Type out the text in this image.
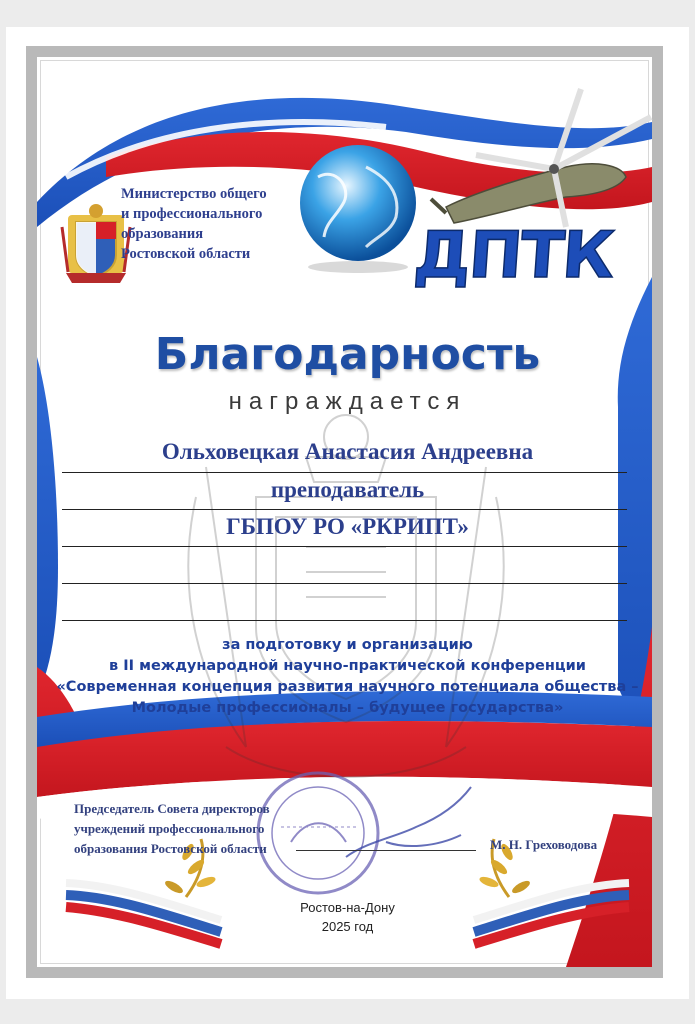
ДПТК
Министерство общего
и профессионального
образования
Ростовской области
Благодарность
награждается
Ольховецкая Анастасия Андреевна
преподаватель
ГБПОУ РО «РКРИПТ»
за подготовку и организацию
в II международной научно-практической конференции
«Современная концепция развития научного потенциала общества –
Молодые профессионалы – будущее государства»
Председатель Совета директоров
учреждений профессионального
образования Ростовской области	М. Н. Греховодова
Ростов-на-Дону
2025 год
